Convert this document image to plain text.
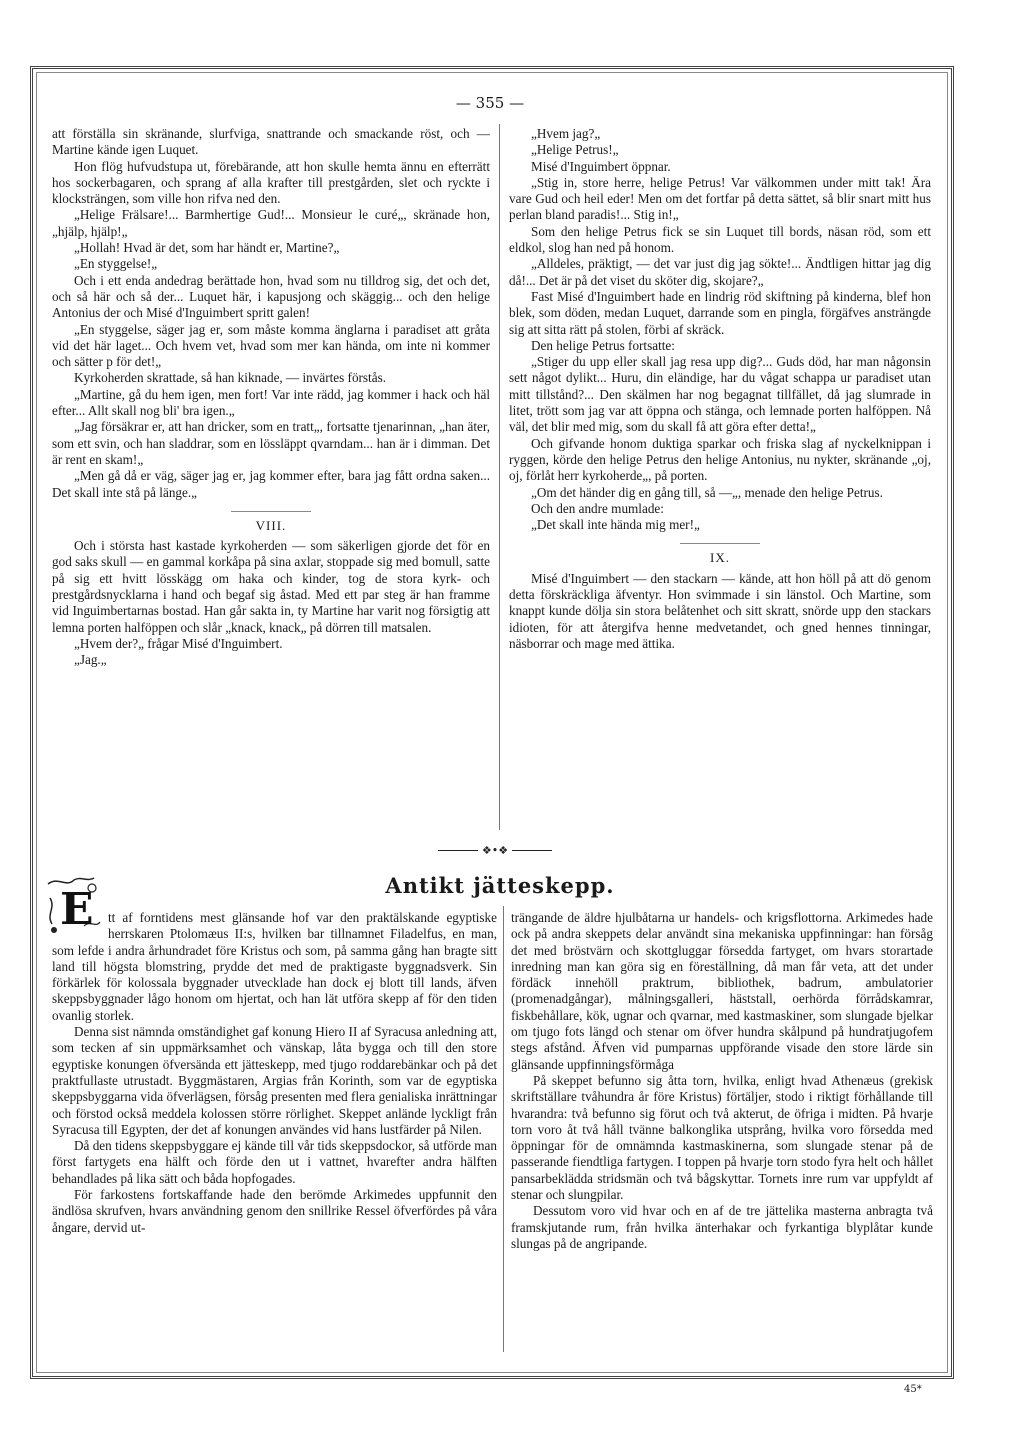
— 355 —

att förställa sin skränande, slurfviga, snattrande och smackande röst, och — Martine kände igen Luquet.

Hon flög hufvudstupa ut, förebärande, att hon skulle hemta ännu en efterrätt hos sockerbagaren, och sprang af alla krafter till prestgården, slet och ryckte i klocksträngen, som ville hon rifva ned den.

„Helige Frälsare!... Barmhertige Gud!... Monsieur le curé„, skränade hon, „hjälp, hjälp!„

„Hollah! Hvad är det, som har händt er, Martine?„

„En styggelse!„

Och i ett enda andedrag berättade hon, hvad som nu tilldrog sig, det och det, och så här och så der... Luquet här, i kapusjong och skäggig... och den helige Antonius der och Misé d'Inguimbert spritt galen!

„En styggelse, säger jag er, som måste komma änglarna i paradiset att gråta vid det här laget... Och hvem vet, hvad som mer kan hända, om inte ni kommer och sätter p för det!„

Kyrkoherden skrattade, så han kiknade, — invärtes förstås.

„Martine, gå du hem igen, men fort! Var inte rädd, jag kommer i hack och häl efter... Allt skall nog bli' bra igen.„

„Jag försäkrar er, att han dricker, som en tratt„, fortsatte tjenarinnan, „han äter, som ett svin, och han sladdrar, som en lössläppt qvarndam... han är i dimman. Det är rent en skam!„

„Men gå då er väg, säger jag er, jag kommer efter, bara jag fått ordna saken... Det skall inte stå på länge.„

VIII.

Och i största hast kastade kyrkoherden — som säkerligen gjorde det för en god saks skull — en gammal korkåpa på sina axlar, stoppade sig med bomull, satte på sig ett hvitt lösskägg om haka och kinder, tog de stora kyrk- och prestgårdsnycklarna i hand och begaf sig åstad. Med ett par steg är han framme vid Inguimbertarnas bostad. Han går sakta in, ty Martine har varit nog försigtig att lemna porten halföppen och slår „knack, knack„ på dörren till matsalen.

„Hvem der?„ frågar Misé d'Inguimbert.

„Jag.„

„Hvem jag?„

„Helige Petrus!„

Misé d'Inguimbert öppnar.

„Stig in, store herre, helige Petrus! Var välkommen under mitt tak! Ära vare Gud och heil eder! Men om det fortfar på detta sättet, så blir snart mitt hus perlan bland paradis!... Stig in!„

Som den helige Petrus fick se sin Luquet till bords, näsan röd, som ett eldkol, slog han ned på honom.

„Alldeles, präktigt, — det var just dig jag sökte!... Ändtligen hittar jag dig då!... Det är på det viset du sköter dig, skojare?„

Fast Misé d'Inguimbert hade en lindrig röd skiftning på kinderna, blef hon blek, som döden, medan Luquet, darrande som en pingla, förgäfves ansträngde sig att sitta rätt på stolen, förbi af skräck.

Den helige Petrus fortsatte:

„Stiger du upp eller skall jag resa upp dig?... Guds död, har man någonsin sett något dylikt... Huru, din eländige, har du vågat schappa ur paradiset utan mitt tillstånd?... Den skälmen har nog begagnat tillfället, då jag slumrade in litet, trött som jag var att öppna och stänga, och lemnade porten halföppen. Nå väl, det blir med mig, som du skall få att göra efter detta!„

Och gifvande honom duktiga sparkar och friska slag af nyckelknippan i ryggen, körde den helige Petrus den helige Antonius, nu nykter, skränande „oj, oj, förlåt herr kyrkoherde„, på porten.

„Om det händer dig en gång till, så —„, menade den helige Petrus.

Och den andre mumlade:

„Det skall inte hända mig mer!„

IX.

Misé d'Inguimbert — den stackarn — kände, att hon höll på att dö genom detta förskräckliga äfventyr. Hon svimmade i sin länstol. Och Martine, som knappt kunde dölja sin stora belåtenhet och sitt skratt, snörde upp den stackars idioten, för att återgifva henne medvetandet, och gned hennes tinningar, näsborrar och mage med ättika.

❖•❖
Antikt jätteskepp.
E	tt af forntidens mest glänsande hof var den praktälskande egyptiske herrskaren Ptolomæus II:s, hvilken bar tillnamnet Filadelfus, en man, som lefde i andra århundradet före Kristus och som, på samma gång han bragte sitt land till högsta blomstring, prydde det med de praktigaste byggnadsverk. Sin förkärlek för kolossala byggnader utvecklade han dock ej blott till lands, äfven skeppsbyggnader lågo honom om hjertat, och han lät utföra skepp af för den tiden ovanlig storlek.

Denna sist nämnda omständighet gaf konung Hiero II af Syracusa anledning att, som tecken af sin uppmärksamhet och vänskap, låta bygga och till den store egyptiske konungen öfversända ett jätteskepp, med tjugo roddarebänkar och på det praktfullaste utrustadt. Byggmästaren, Argias från Korinth, som var de egyptiska skeppsbyggarna vida öfverlägsen, försåg presenten med flera genialiska inrättningar och förstod också meddela kolossen större rörlighet. Skeppet anlände lyckligt från Syracusa till Egypten, der det af konungen användes vid hans lustfärder på Nilen.

Då den tidens skeppsbyggare ej kände till vår tids skeppsdockor, så utförde man först fartygets ena hälft och förde den ut i vattnet, hvarefter andra hälften behandlades på lika sätt och båda hopfogades.

För farkostens fortskaffande hade den berömde Arkimedes uppfunnit den ändlösa skrufven, hvars användning genom den snillrike Ressel öfverfördes på våra ångare, dervid ut-

trängande de äldre hjulbåtarna ur handels- och krigsflottorna. Arkimedes hade ock på andra skeppets delar användt sina mekaniska uppfinningar: han försåg det med bröstvärn och skottgluggar försedda fartyget, om hvars storartade inredning man kan göra sig en föreställning, då man får veta, att det under fördäck innehöll praktrum, bibliothek, badrum, ambulatorier (promenadgångar), målningsgalleri, häststall, oerhörda förrådskamrar, fiskbehållare, kök, ugnar och qvarnar, med kastmaskiner, som slungade bjelkar om tjugo fots längd och stenar om öfver hundra skålpund på hundratjugofem stegs afstånd. Äfven vid pumparnas uppförande visade den store lärde sin glänsande uppfinningsförmåga

På skeppet befunno sig åtta torn, hvilka, enligt hvad Athenæus (grekisk skriftställare tvåhundra år före Kristus) förtäljer, stodo i riktigt förhållande till hvarandra: två befunno sig förut och två akterut, de öfriga i midten. På hvarje torn voro åt två håll tvänne balkonglika utsprång, hvilka voro försedda med öppningar för de omnämnda kastmaskinerna, som slungade stenar på de passerande fiendtliga fartygen. I toppen på hvarje torn stodo fyra helt och hållet pansarbeklädda stridsmän och två bågskyttar. Tornets inre rum var uppfyldt af stenar och slungpilar.

Dessutom voro vid hvar och en af de tre jättelika masterna anbragta två framskjutande rum, från hvilka änterhakar och fyrkantiga blyplåtar kunde slungas på de angripande.

45*
